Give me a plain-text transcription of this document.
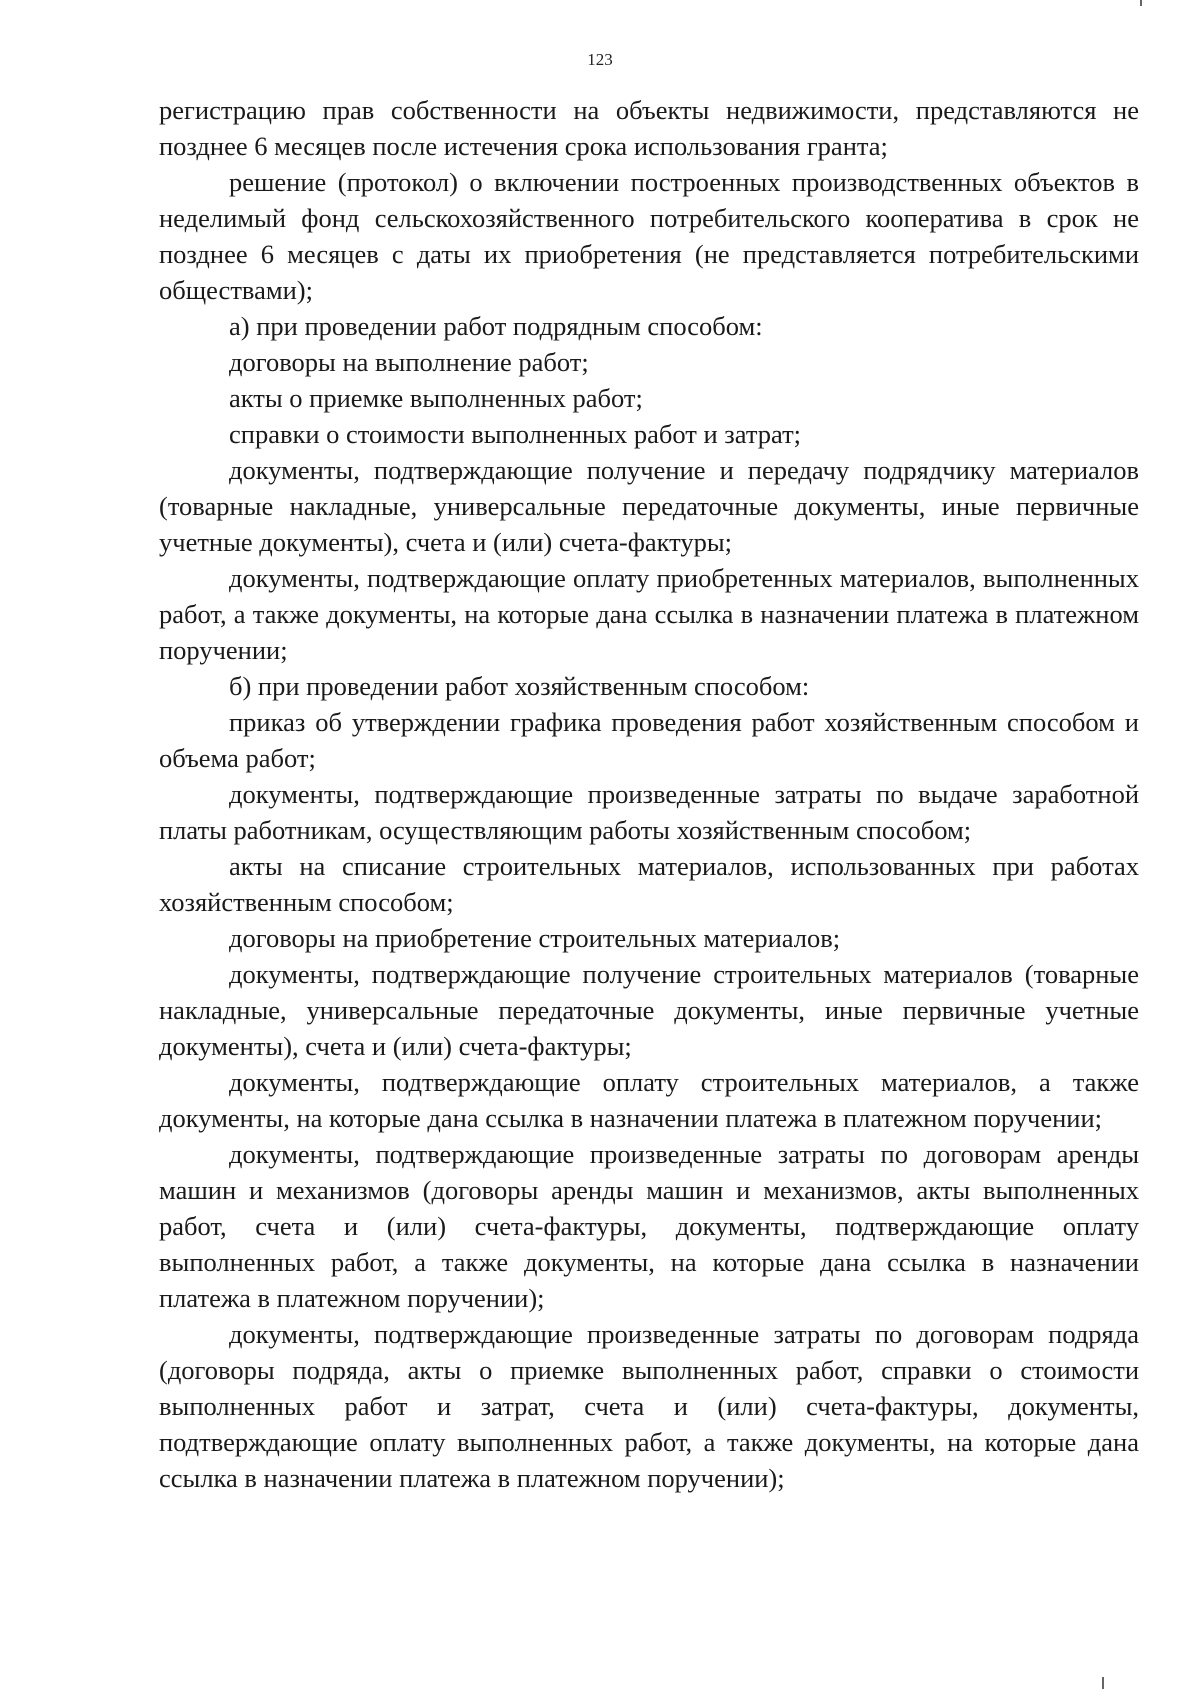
123

регистрацию прав собственности на объекты недвижимости, представляются не позднее 6 месяцев после истечения срока использования гранта;

решение (протокол) о включении построенных производственных объектов в неделимый фонд сельскохозяйственного потребительского кооператива в срок не позднее 6 месяцев с даты их приобретения (не представляется потребительскими обществами);

а) при проведении работ подрядным способом:

договоры на выполнение работ;

акты о приемке выполненных работ;

справки о стоимости выполненных работ и затрат;

документы, подтверждающие получение и передачу подрядчику материалов (товарные накладные, универсальные передаточные документы, иные первичные учетные документы), счета и (или) счета-фактуры;

документы, подтверждающие оплату приобретенных материалов, выполненных работ, а также документы, на которые дана ссылка в назначении платежа в платежном поручении;

б) при проведении работ хозяйственным способом:

приказ об утверждении графика проведения работ хозяйственным способом и объема работ;

документы, подтверждающие произведенные затраты по выдаче заработной платы работникам, осуществляющим работы хозяйственным способом;

акты на списание строительных материалов, использованных при работах хозяйственным способом;

договоры на приобретение строительных материалов;

документы, подтверждающие получение строительных материалов (товарные накладные, универсальные передаточные документы, иные первичные учетные документы), счета и (или) счета-фактуры;

документы, подтверждающие оплату строительных материалов, а также документы, на которые дана ссылка в назначении платежа в платежном поручении;

документы, подтверждающие произведенные затраты по договорам аренды машин и механизмов (договоры аренды машин и механизмов, акты выполненных работ, счета и (или) счета-фактуры, документы, подтверждающие оплату выполненных работ, а также документы, на которые дана ссылка в назначении платежа в платежном поручении);

документы, подтверждающие произведенные затраты по договорам подряда (договоры подряда, акты о приемке выполненных работ, справки о стоимости выполненных работ и затрат, счета и (или) счета-фактуры, документы, подтверждающие оплату выполненных работ, а также документы, на которые дана ссылка в назначении платежа в платежном поручении);
